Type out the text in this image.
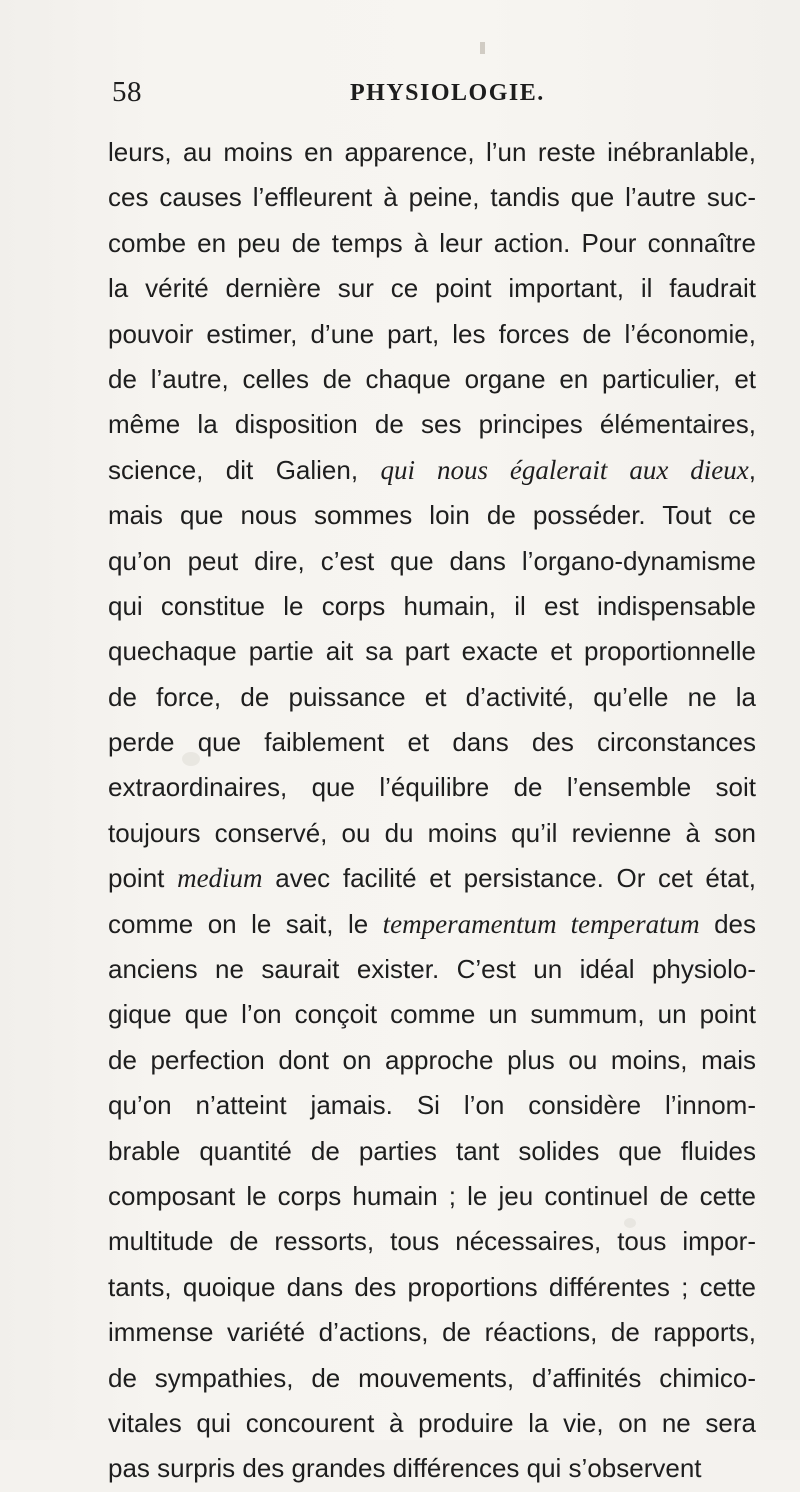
58	PHYSIOLOGIE.
leurs, au moins en apparence, l’un reste inébranlable,
ces causes l’effleurent à peine, tandis que l’autre suc-
combe en peu de temps à leur action. Pour connaître
la vérité dernière sur ce point important, il faudrait
pouvoir estimer, d’une part, les forces de l’économie,
de l’autre, celles de chaque organe en particulier, et
même la disposition de ses principes élémentaires,
science, dit Galien, qui nous égalerait aux dieux,
mais que nous sommes loin de posséder. Tout ce
qu’on peut dire, c’est que dans l’organo-dynamisme
qui constitue le corps humain, il est indispensable
quechaque partie ait sa part exacte et proportionnelle
de force, de puissance et d’activité, qu’elle ne la
perde que faiblement et dans des circonstances
extraordinaires, que l’équilibre de l’ensemble soit
toujours conservé, ou du moins qu’il revienne à son
point medium avec facilité et persistance. Or cet état,
comme on le sait, le temperamentum temperatum des
anciens ne saurait exister. C’est un idéal physiolo-
gique que l’on conçoit comme un summum, un point
de perfection dont on approche plus ou moins, mais
qu’on n’atteint jamais. Si l’on considère l’innom-
brable quantité de parties tant solides que fluides
composant le corps humain ; le jeu continuel de cette
multitude de ressorts, tous nécessaires, tous impor-
tants, quoique dans des proportions différentes ; cette
immense variété d’actions, de réactions, de rapports,
de sympathies, de mouvements, d’affinités chimico-
vitales qui concourent à produire la vie, on ne sera
pas surpris des grandes différences qui s’observent
